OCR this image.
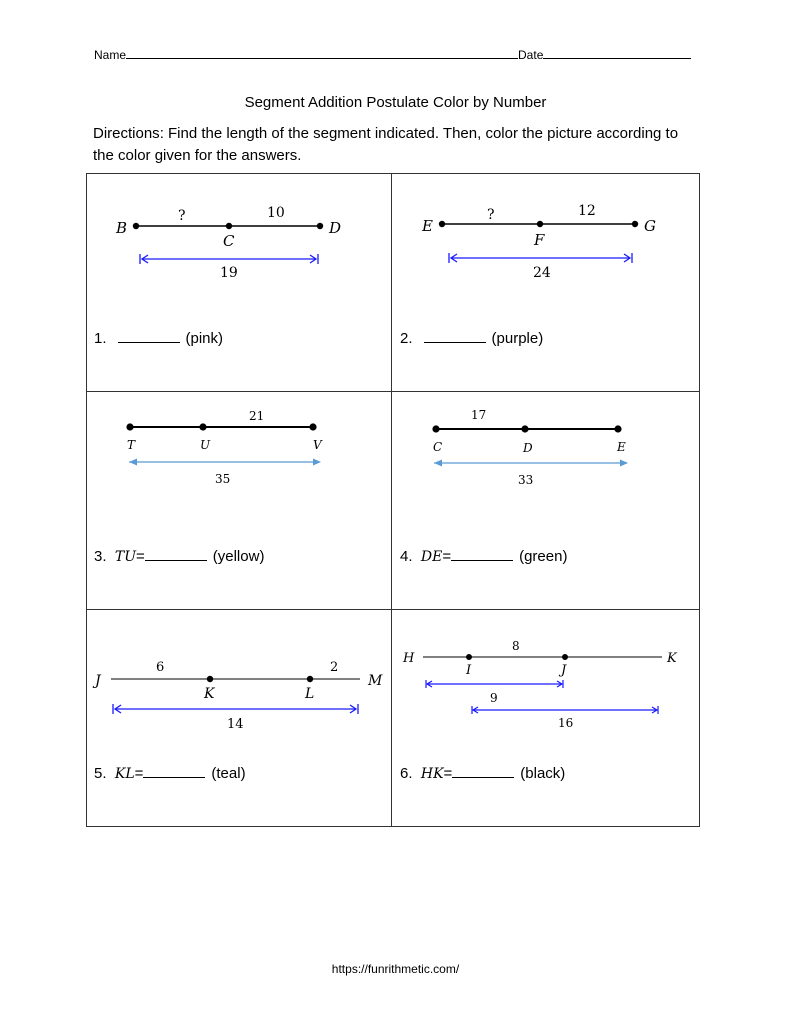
Name	Date
Segment Addition Postulate Color by Number
Directions: Find the length of the segment indicated. Then, color the picture according to the color given for the answers.
B
C
D
?	10
19
1.	(pink)
E
F
G
?	12
24
2.	(purple)
T	U	V
21
35
3. TU=	(yellow)
C	D	E
17
33
4. DE=	(green)
J
K	L
M
6	2
14
5. KL=	(teal)
H
I	J
K
8
9
16
6. HK=	(black)
https://funrithmetic.com/
